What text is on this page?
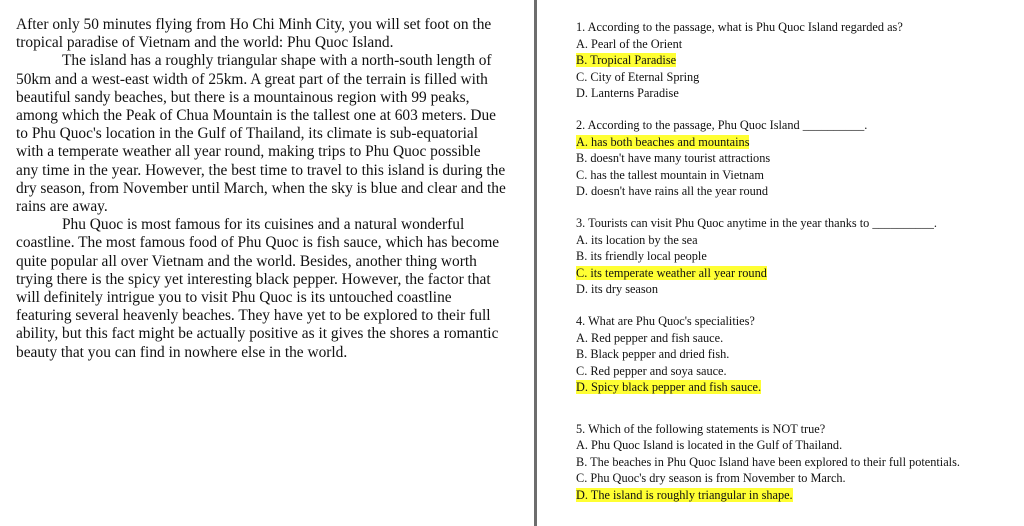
After only 50 minutes flying from Ho Chi Minh City, you will set foot on the tropical paradise of Vietnam and the world: Phu Quoc Island.

The island has a roughly triangular shape with a north-south length of 50km and a west-east width of 25km. A great part of the terrain is filled with beautiful sandy beaches, but there is a mountainous region with 99 peaks, among which the Peak of Chua Mountain is the tallest one at 603 meters. Due to Phu Quoc's location in the Gulf of Thailand, its climate is sub-equatorial with a temperate weather all year round, making trips to Phu Quoc possible any time in the year. However, the best time to travel to this island is during the dry season, from November until March, when the sky is blue and clear and the rains are away.

Phu Quoc is most famous for its cuisines and a natural wonderful coastline. The most famous food of Phu Quoc is fish sauce, which has become quite popular all over Vietnam and the world. Besides, another thing worth trying there is the spicy yet interesting black pepper. However, the factor that will definitely intrigue you to visit Phu Quoc is its untouched coastline featuring several heavenly beaches. They have yet to be explored to their full ability, but this fact might be actually positive as it gives the shores a romantic beauty that you can find in nowhere else in the world.

1. According to the passage, what is Phu Quoc Island regarded as?
A. Pearl of the Orient
B. Tropical Paradise
C. City of Eternal Spring
D. Lanterns Paradise
2. According to the passage, Phu Quoc Island __________.
A. has both beaches and mountains
B. doesn't have many tourist attractions
C. has the tallest mountain in Vietnam
D. doesn't have rains all the year round
3. Tourists can visit Phu Quoc anytime in the year thanks to __________.
A. its location by the sea
B. its friendly local people
C. its temperate weather all year round
D. its dry season
4. What are Phu Quoc's specialities?
A. Red pepper and fish sauce.
B. Black pepper and dried fish.
C. Red pepper and soya sauce.
D. Spicy black pepper and fish sauce.
5. Which of the following statements is NOT true?
A. Phu Quoc Island is located in the Gulf of Thailand.
B. The beaches in Phu Quoc Island have been explored to their full potentials.
C. Phu Quoc's dry season is from November to March.
D. The island is roughly triangular in shape.
